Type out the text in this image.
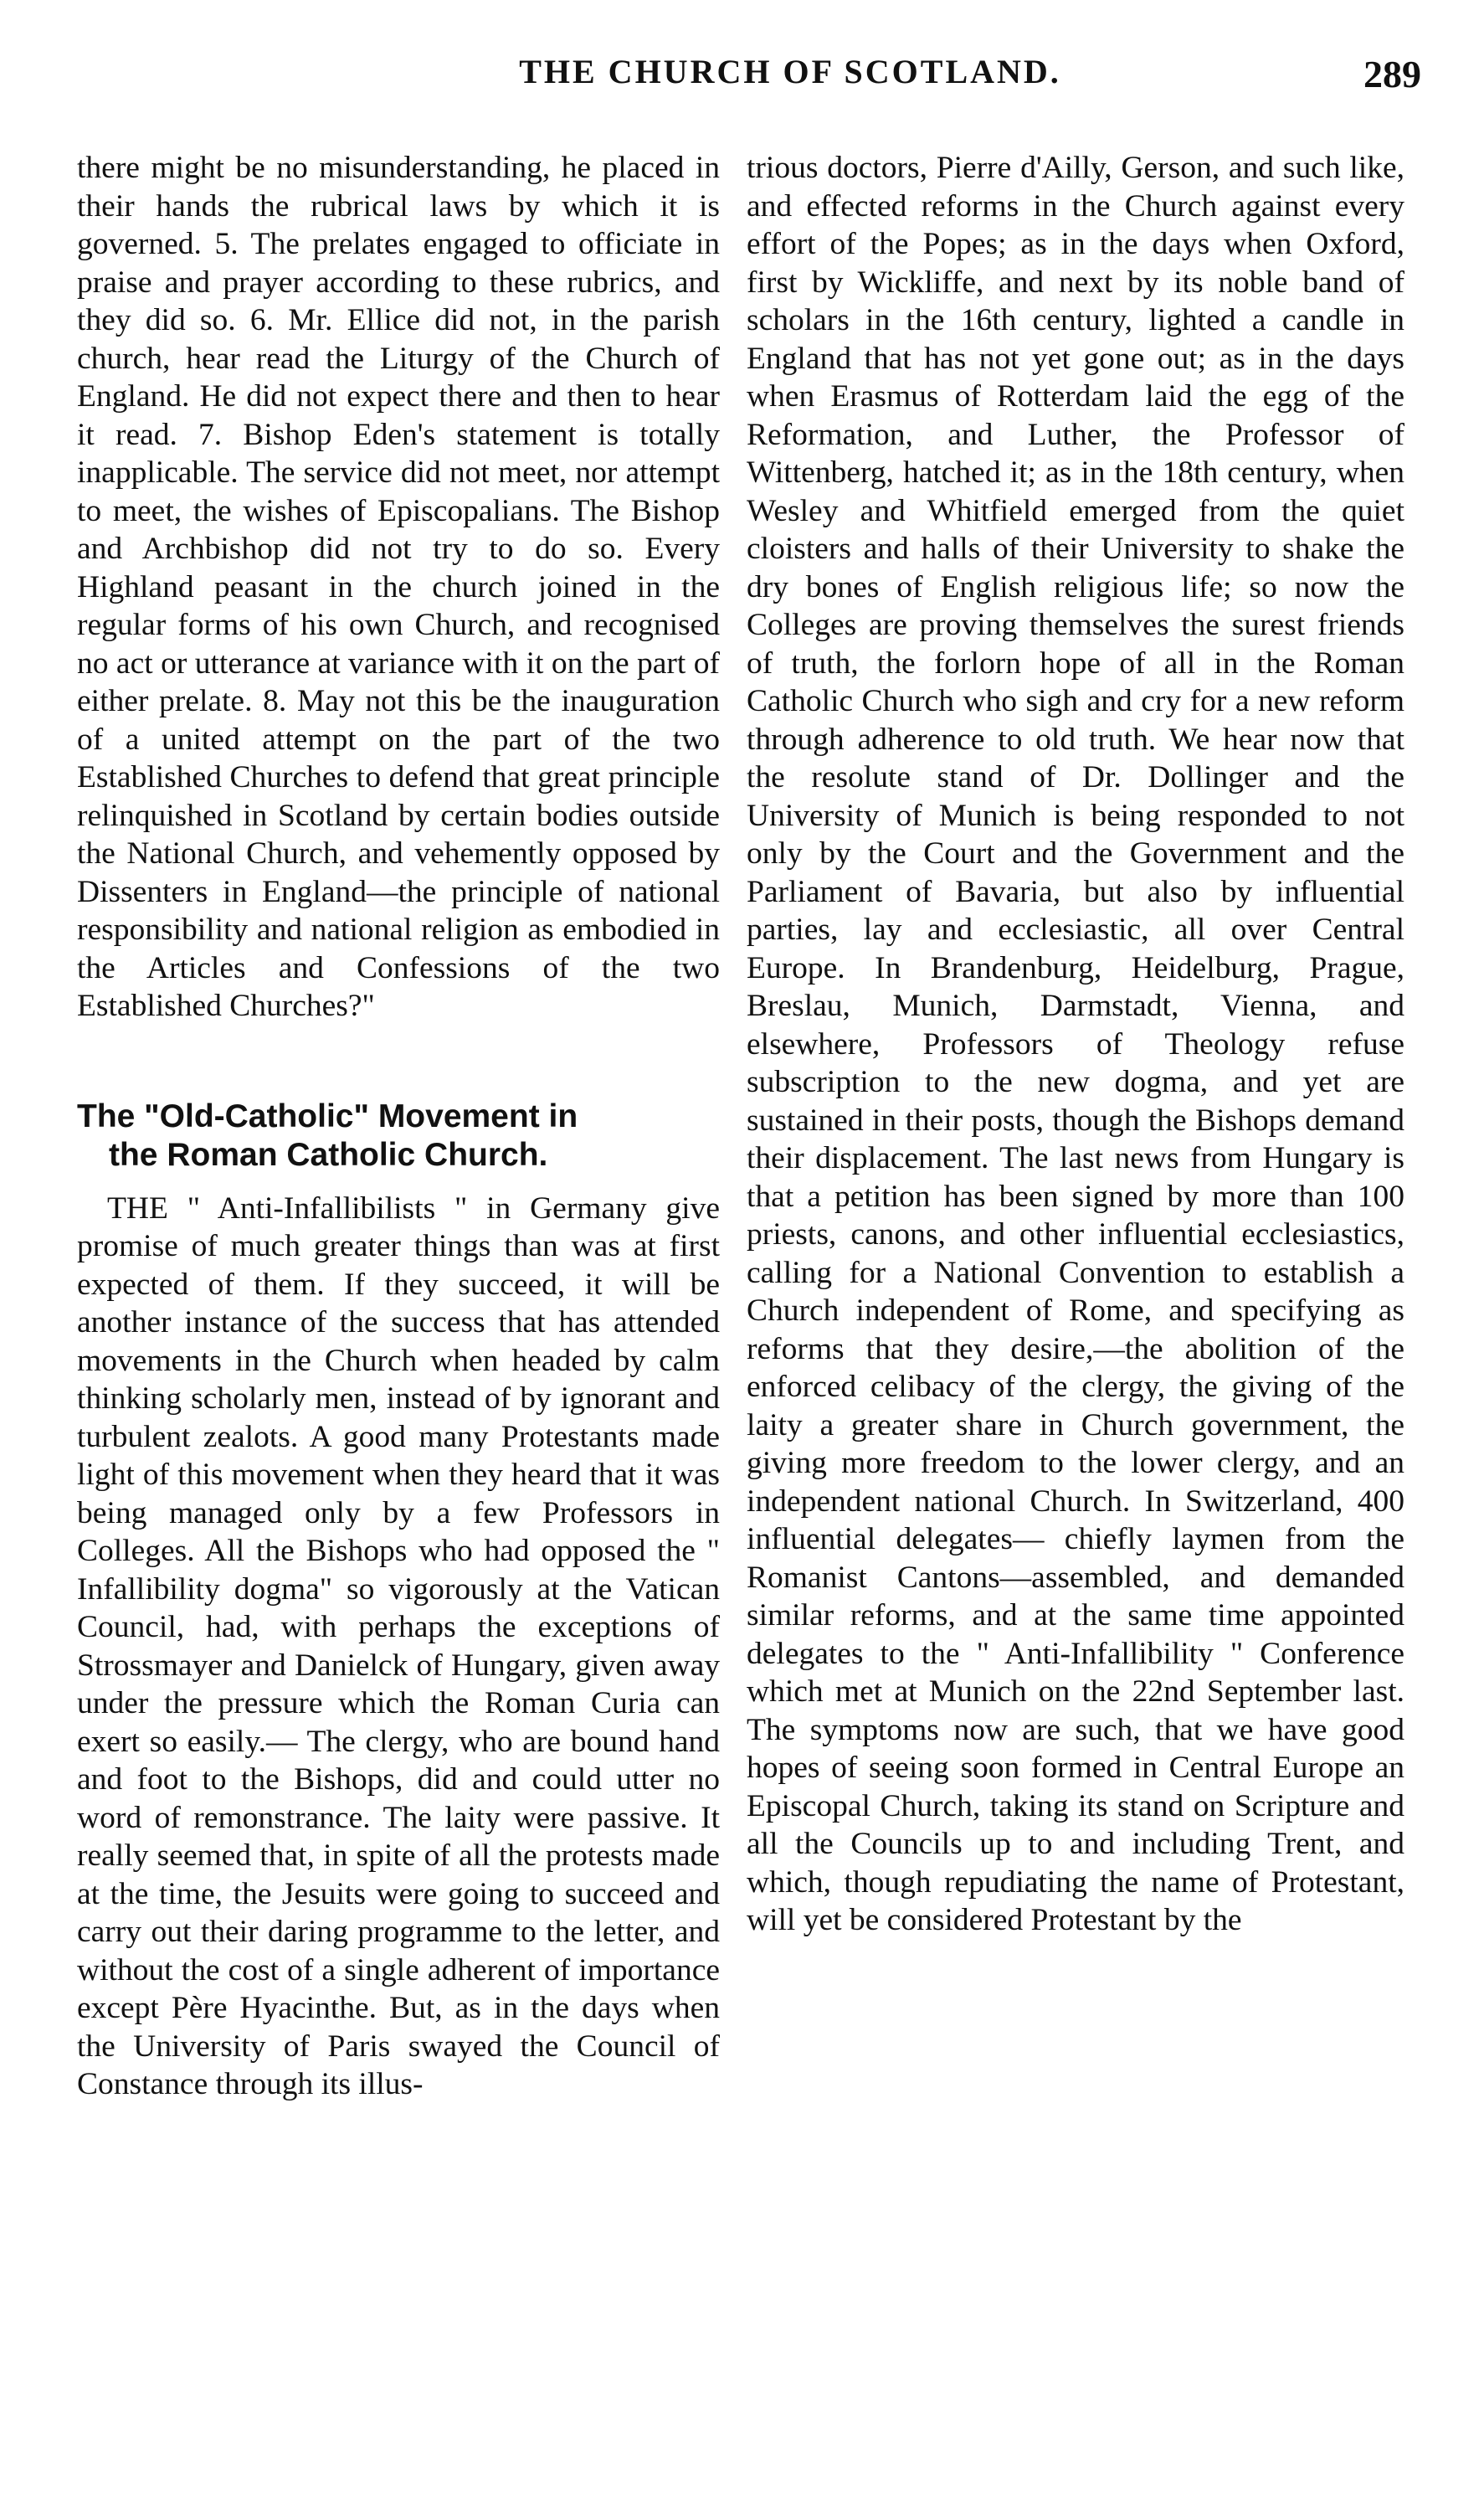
THE CHURCH OF SCOTLAND.	289

there might be no misunderstanding, he placed in their hands the rubrical laws by which it is governed. 5. The prelates engaged to officiate in praise and prayer according to these rubrics, and they did so. 6. Mr. Ellice did not, in the parish church, hear read the Liturgy of the Church of England. He did not expect there and then to hear it read. 7. Bishop Eden's statement is totally inapplicable. The service did not meet, nor attempt to meet, the wishes of Episcopalians. The Bishop and Archbishop did not try to do so. Every Highland peasant in the church joined in the regular forms of his own Church, and recognised no act or utterance at variance with it on the part of either prelate. 8. May not this be the inauguration of a united attempt on the part of the two Established Churches to defend that great principle relinquished in Scotland by certain bodies outside the National Church, and vehemently opposed by Dissenters in England—the principle of national responsibility and national religion as embodied in the Articles and Confessions of the two Established Churches?"

The "Old-Catholic" Movement in
the Roman Catholic Church.

THE " Anti-Infallibilists " in Germany give promise of much greater things than was at first expected of them. If they succeed, it will be another instance of the success that has attended movements in the Church when headed by calm thinking scholarly men, instead of by ignorant and turbulent zealots. A good many Protestants made light of this movement when they heard that it was being managed only by a few Professors in Colleges. All the Bishops who had opposed the " Infallibility dogma" so vigorously at the Vatican Council, had, with perhaps the exceptions of Strossmayer and Danielck of Hungary, given away under the pressure which the Roman Curia can exert so easily.— The clergy, who are bound hand and foot to the Bishops, did and could utter no word of remonstrance. The laity were passive. It really seemed that, in spite of all the protests made at the time, the Jesuits were going to succeed and carry out their daring programme to the letter, and without the cost of a single adherent of importance except Père Hyacinthe. But, as in the days when the University of Paris swayed the Council of Constance through its illus-

trious doctors, Pierre d'Ailly, Gerson, and such like, and effected reforms in the Church against every effort of the Popes; as in the days when Oxford, first by Wickliffe, and next by its noble band of scholars in the 16th century, lighted a candle in England that has not yet gone out; as in the days when Erasmus of Rotterdam laid the egg of the Reformation, and Luther, the Professor of Wittenberg, hatched it; as in the 18th century, when Wesley and Whitfield emerged from the quiet cloisters and halls of their University to shake the dry bones of English religious life; so now the Colleges are proving themselves the surest friends of truth, the forlorn hope of all in the Roman Catholic Church who sigh and cry for a new reform through adherence to old truth. We hear now that the resolute stand of Dr. Dollinger and the University of Munich is being responded to not only by the Court and the Government and the Parliament of Bavaria, but also by influential parties, lay and ecclesiastic, all over Central Europe. In Brandenburg, Heidelburg, Prague, Breslau, Munich, Darmstadt, Vienna, and elsewhere, Professors of Theology refuse subscription to the new dogma, and yet are sustained in their posts, though the Bishops demand their displacement. The last news from Hungary is that a petition has been signed by more than 100 priests, canons, and other influential ecclesiastics, calling for a National Convention to establish a Church independent of Rome, and specifying as reforms that they desire,—the abolition of the enforced celibacy of the clergy, the giving of the laity a greater share in Church government, the giving more freedom to the lower clergy, and an independent national Church. In Switzerland, 400 influential delegates— chiefly laymen from the Romanist Cantons—assembled, and demanded similar reforms, and at the same time appointed delegates to the " Anti-Infallibility " Conference which met at Munich on the 22nd September last. The symptoms now are such, that we have good hopes of seeing soon formed in Central Europe an Episcopal Church, taking its stand on Scripture and all the Councils up to and including Trent, and which, though repudiating the name of Protestant, will yet be considered Protestant by the
